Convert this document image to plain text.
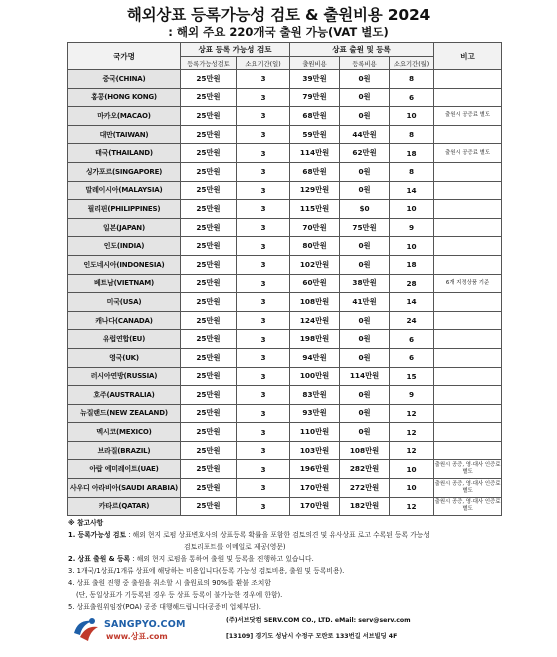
해외상표 등록가능성 검토 & 출원비용 2024
: 해외 주요 220개국 출원 가능(VAT 별도)
국가명	상표 등록 가능성 검토		상표 출원 및 등록			비고
	등록가능성검토	소요기간(일)	출원비용	등록비용	소요기간(월)	
중국(CHINA)	25만원	3	39만원	0원	8	
홍콩(HONG KONG)	25만원	3	79만원	0원	6	
마카오(MACAO)	25만원	3	68만원	0원	10	출원시 공증료 별도
대만(TAIWAN)	25만원	3	59만원	44만원	8	
태국(THAILAND)	25만원	3	114만원	62만원	18	출원시 공증료 별도
싱가포르(SINGAPORE)	25만원	3	68만원	0원	8	
말레이시아(MALAYSIA)	25만원	3	129만원	0원	14	
필리핀(PHILIPPINES)	25만원	3	115만원	$0	10	
일본(JAPAN)	25만원	3	70만원	75만원	9	
인도(INDIA)	25만원	3	80만원	0원	10	
인도네시아(INDONESIA)	25만원	3	102만원	0원	18	
베트남(VIETNAM)	25만원	3	60만원	38만원	28	6개 지정상품 기준
미국(USA)	25만원	3	108만원	41만원	14	
캐나다(CANADA)	25만원	3	124만원	0원	24	
유럽연합(EU)	25만원	3	198만원	0원	6	
영국(UK)	25만원	3	94만원	0원	6	
러시아연방(RUSSIA)	25만원	3	100만원	114만원	15	
호주(AUSTRALIA)	25만원	3	83만원	0원	9	
뉴질랜드(NEW ZEALAND)	25만원	3	93만원	0원	12	
멕시코(MEXICO)	25만원	3	110만원	0원	12	
브라질(BRAZIL)	25만원	3	103만원	108만원	12	
아랍 에미레이트(UAE)	25만원	3	196만원	282만원	10	출원시 공증, 영·대사 인증료 별도
사우디 아라비아(SAUDI ARABIA)	25만원	3	170만원	272만원	10	출원시 공증, 영·대사 인증료 별도
카타르(QATAR)	25만원	3	170만원	182만원	12	출원시 공증, 영·대사 인증료 별도
※ 참고사항
1. 등록가능성 검토 : 해외 현지 로펌 상표변호사의 상표등록 확률을 포함한 검토의견 및 유사상표 로고 수록된 등록 가능성
검토리포트를 이메일로 제공(영문)
2. 상표 출원 & 등록 : 해외 현지 로펌을 통하여 출원 및 등록을 진행하고 있습니다.
3. 1개국/1상표/1개류 상표에 해당하는 비용입니다(등록 가능성 검토비용, 출원 및 등록비용).
4. 상표 출원 진행 중 출원을 취소할 시 출원료의 90%를 환불 조치함
(단, 동일상표가 기등록된 경우 등 상표 등록이 불가능한 경우에 한함).
5. 상표출원위임장(POA) 공증 대행해드립니다(공증비 업체부담).
SANGPYO.COM
www.상표.com
(주)서브닷컴 SERV.COM CO., LTD. eMail: serv@serv.com
[13109] 경기도 성남시 수정구 모란로 133번길 서브빌딩 4F
